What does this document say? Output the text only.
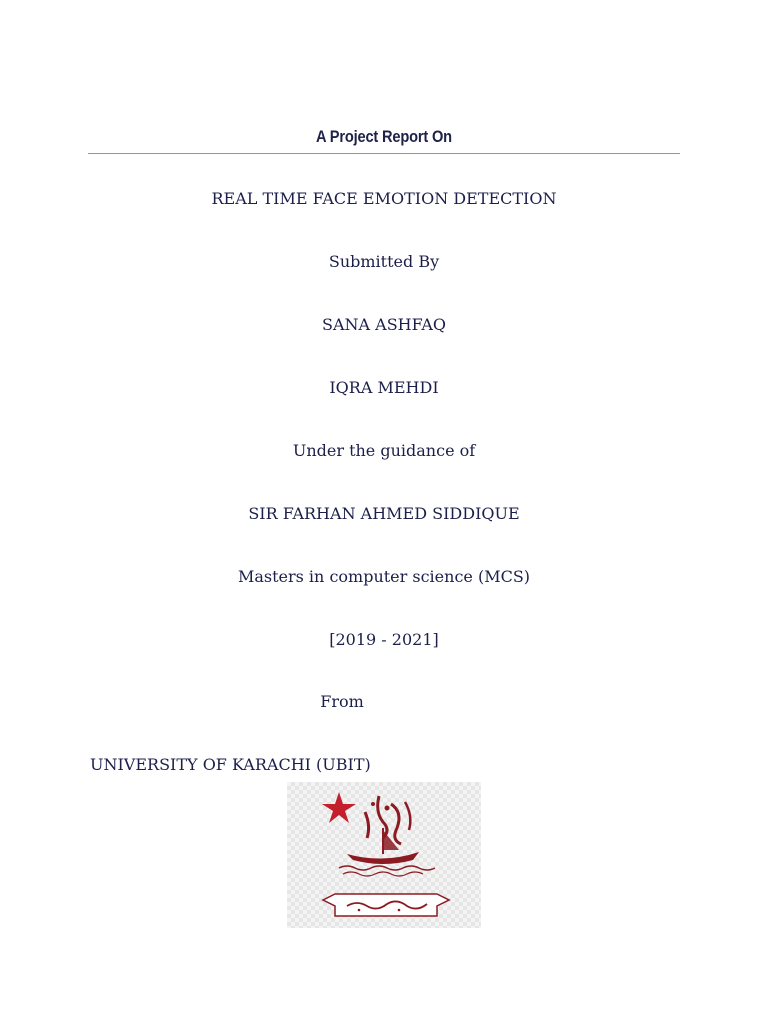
A Project Report On
REAL TIME FACE EMOTION DETECTION
Submitted By
SANA ASHFAQ
IQRA MEHDI
Under the guidance of
SIR FARHAN AHMED SIDDIQUE
Masters in computer science (MCS)
[2019 - 2021]
From
UNIVERSITY OF KARACHI (UBIT)
